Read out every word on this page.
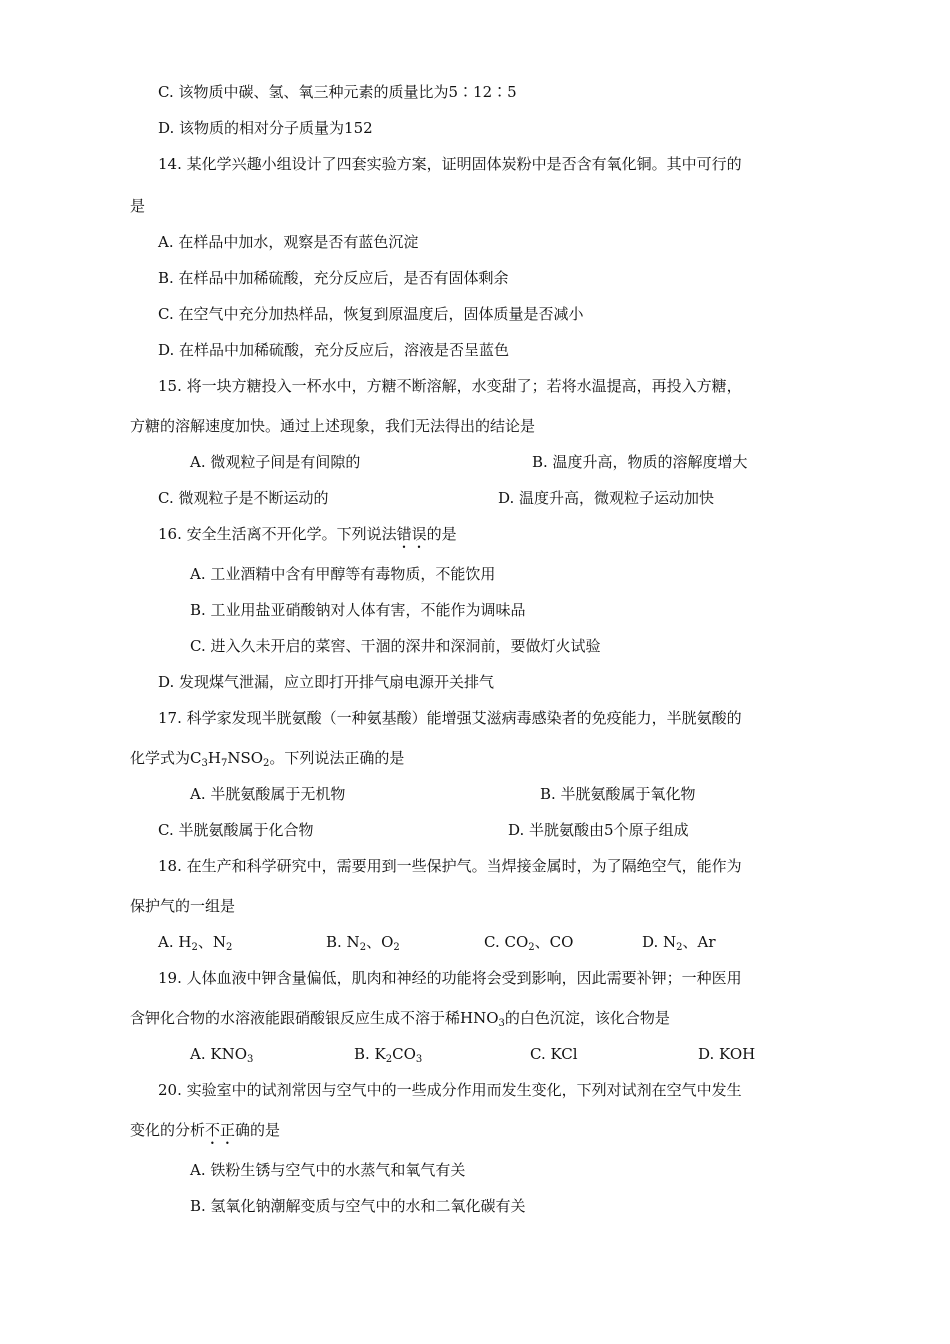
C. 该物质中碳、氢、氧三种元素的质量比为5∶12∶5
D. 该物质的相对分子质量为152
14. 某化学兴趣小组设计了四套实验方案，证明固体炭粉中是否含有氧化铜。其中可行的
是
A. 在样品中加水，观察是否有蓝色沉淀
B. 在样品中加稀硫酸，充分反应后，是否有固体剩余
C. 在空气中充分加热样品，恢复到原温度后，固体质量是否减小
D. 在样品中加稀硫酸，充分反应后，溶液是否呈蓝色
15. 将一块方糖投入一杯水中，方糖不断溶解，水变甜了；若将水温提高，再投入方糖，
方糖的溶解速度加快。通过上述现象，我们无法得出的结论是
A. 微观粒子间是有间隙的	B. 温度升高，物质的溶解度增大
C. 微观粒子是不断运动的	D. 温度升高，微观粒子运动加快
16. 安全生活离不开化学。下列说法错误的是
A. 工业酒精中含有甲醇等有毒物质，不能饮用
B. 工业用盐亚硝酸钠对人体有害，不能作为调味品
C. 进入久未开启的菜窖、干涸的深井和深洞前，要做灯火试验
D. 发现煤气泄漏，应立即打开排气扇电源开关排气
17. 科学家发现半胱氨酸（一种氨基酸）能增强艾滋病毒感染者的免疫能力，半胱氨酸的
化学式为$C_3H_7NSO_2$。下列说法正确的是
A. 半胱氨酸属于无机物	B. 半胱氨酸属于氧化物
C. 半胱氨酸属于化合物	D. 半胱氨酸由5个原子组成
18. 在生产和科学研究中，需要用到一些保护气。当焊接金属时，为了隔绝空气，能作为
保护气的一组是
A. $H_2$、$N_2$	B. $N_2$、$O_2$	C. $CO_2$、CO	D. $N_2$、Ar
19. 人体血液中钾含量偏低，肌肉和神经的功能将会受到影响，因此需要补钾；一种医用
含钾化合物的水溶液能跟硝酸银反应生成不溶于稀$HNO_3$的白色沉淀，该化合物是
A. $KNO_3$	B. $K_2CO_3$	C. KCl	D. KOH
20. 实验室中的试剂常因与空气中的一些成分作用而发生变化，下列对试剂在空气中发生
变化的分析不正确的是
A. 铁粉生锈与空气中的水蒸气和氧气有关
B. 氢氧化钠潮解变质与空气中的水和二氧化碳有关
